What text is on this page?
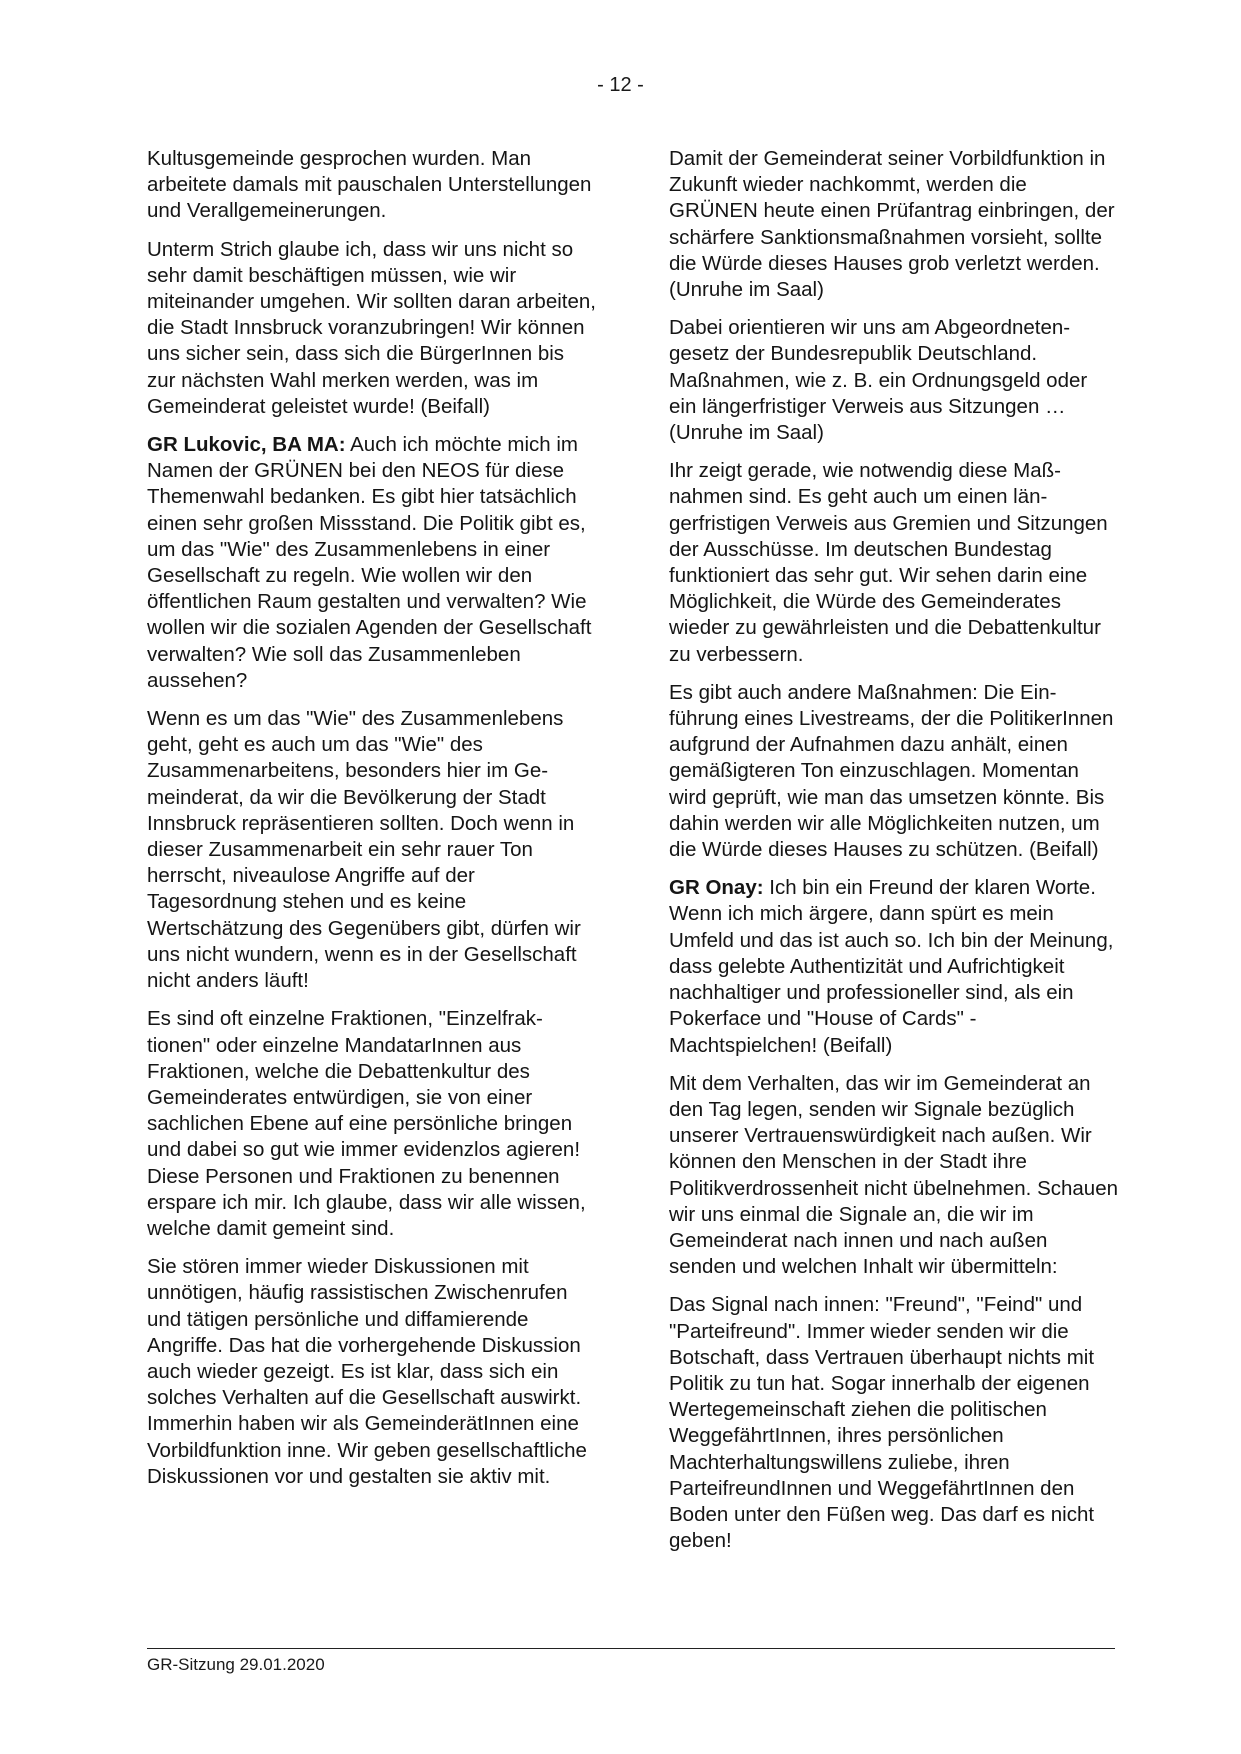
- 12 -

Kultusgemeinde gesprochen wurden. Man arbeitete damals mit pauschalen Unterstellungen und Verallgemeinerungen.

Unterm Strich glaube ich, dass wir uns nicht so sehr damit beschäftigen müssen, wie wir miteinander umgehen. Wir sollten daran arbeiten, die Stadt Innsbruck voranzubringen! Wir können uns sicher sein, dass sich die BürgerInnen bis zur nächsten Wahl merken werden, was im Gemeinderat geleistet wurde! (Beifall)

GR Lukovic, BA MA: Auch ich möchte mich im Namen der GRÜNEN bei den NEOS für diese Themenwahl bedanken. Es gibt hier tatsächlich einen sehr großen Missstand. Die Politik gibt es, um das "Wie" des Zusammenlebens in einer Gesellschaft zu regeln. Wie wollen wir den öffentlichen Raum gestalten und verwalten? Wie wollen wir die sozialen Agenden der Gesellschaft verwalten? Wie soll das Zusammenleben aussehen?

Wenn es um das "Wie" des Zusammenlebens geht, geht es auch um das "Wie" des Zusammenarbeitens, besonders hier im Gemeinderat, da wir die Bevölkerung der Stadt Innsbruck repräsentieren sollten. Doch wenn in dieser Zusammenarbeit ein sehr rauer Ton herrscht, niveaulose Angriffe auf der Tagesordnung stehen und es keine Wertschätzung des Gegenübers gibt, dürfen wir uns nicht wundern, wenn es in der Gesellschaft nicht anders läuft!

Es sind oft einzelne Fraktionen, "Einzelfraktionen" oder einzelne MandatarInnen aus Fraktionen, welche die Debattenkultur des Gemeinderates entwürdigen, sie von einer sachlichen Ebene auf eine persönliche bringen und dabei so gut wie immer evidenzlos agieren! Diese Personen und Fraktionen zu benennen erspare ich mir. Ich glaube, dass wir alle wissen, welche damit gemeint sind.

Sie stören immer wieder Diskussionen mit unnötigen, häufig rassistischen Zwischenrufen und tätigen persönliche und diffamierende Angriffe. Das hat die vorhergehende Diskussion auch wieder gezeigt. Es ist klar, dass sich ein solches Verhalten auf die Gesellschaft auswirkt. Immerhin haben wir als GemeinderätInnen eine Vorbildfunktion inne. Wir geben gesellschaftliche Diskussionen vor und gestalten sie aktiv mit.

Damit der Gemeinderat seiner Vorbildfunktion in Zukunft wieder nachkommt, werden die GRÜNEN heute einen Prüfantrag einbringen, der schärfere Sanktionsmaßnahmen vorsieht, sollte die Würde dieses Hauses grob verletzt werden. (Unruhe im Saal)

Dabei orientieren wir uns am Abgeordnetengesetz der Bundesrepublik Deutschland. Maßnahmen, wie z. B. ein Ordnungsgeld oder ein längerfristiger Verweis aus Sitzungen … (Unruhe im Saal)

Ihr zeigt gerade, wie notwendig diese Maßnahmen sind. Es geht auch um einen längerfristigen Verweis aus Gremien und Sitzungen der Ausschüsse. Im deutschen Bundestag funktioniert das sehr gut. Wir sehen darin eine Möglichkeit, die Würde des Gemeinderates wieder zu gewährleisten und die Debattenkultur zu verbessern.

Es gibt auch andere Maßnahmen: Die Einführung eines Livestreams, der die PolitikerInnen aufgrund der Aufnahmen dazu anhält, einen gemäßigteren Ton einzuschlagen. Momentan wird geprüft, wie man das umsetzen könnte. Bis dahin werden wir alle Möglichkeiten nutzen, um die Würde dieses Hauses zu schützen. (Beifall)

GR Onay: Ich bin ein Freund der klaren Worte. Wenn ich mich ärgere, dann spürt es mein Umfeld und das ist auch so. Ich bin der Meinung, dass gelebte Authentizität und Aufrichtigkeit nachhaltiger und professioneller sind, als ein Pokerface und "House of Cards" - Machtspielchen! (Beifall)

Mit dem Verhalten, das wir im Gemeinderat an den Tag legen, senden wir Signale bezüglich unserer Vertrauenswürdigkeit nach außen. Wir können den Menschen in der Stadt ihre Politikverdrossenheit nicht übelnehmen. Schauen wir uns einmal die Signale an, die wir im Gemeinderat nach innen und nach außen senden und welchen Inhalt wir übermitteln:

Das Signal nach innen: "Freund", "Feind" und "Parteifreund". Immer wieder senden wir die Botschaft, dass Vertrauen überhaupt nichts mit Politik zu tun hat. Sogar innerhalb der eigenen Wertegemeinschaft ziehen die politischen WeggefährtInnen, ihres persönlichen Machterhaltungswillens zuliebe, ihren ParteifreundInnen und WeggefährtInnen den Boden unter den Füßen weg. Das darf es nicht geben!

GR-Sitzung 29.01.2020
